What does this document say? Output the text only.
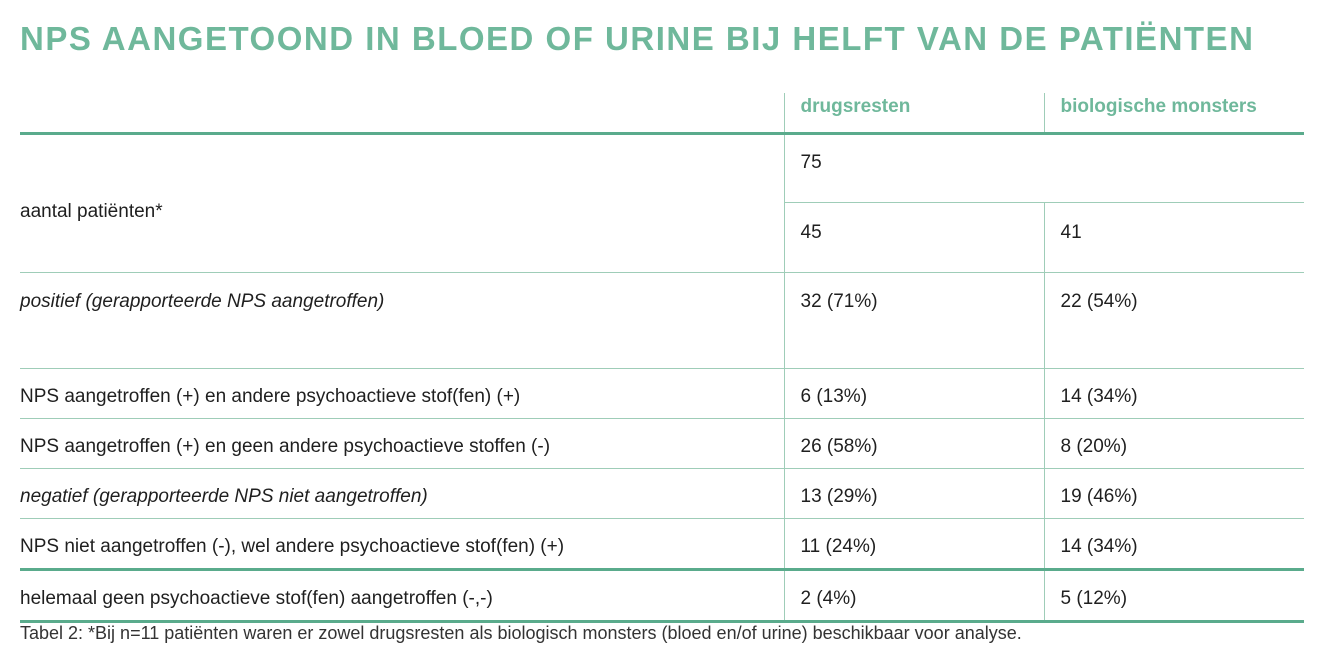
NPS AANGETOOND IN BLOED OF URINE BIJ HELFT VAN DE PATIËNTEN
	drugsresten	biologische monsters
aantal patiënten*	75	
	45	41
positief (gerapporteerde NPS aangetroffen)	32 (71%)	22 (54%)
NPS aangetroffen (+) en andere psychoactieve stof(fen) (+)	6 (13%)	14 (34%)
NPS aangetroffen (+) en geen andere psychoactieve stoffen (-)	26 (58%)	8 (20%)
negatief (gerapporteerde NPS niet aangetroffen)	13 (29%)	19 (46%)
NPS niet aangetroffen (-), wel andere psychoactieve stof(fen) (+)	11 (24%)	14 (34%)
helemaal geen psychoactieve stof(fen) aangetroffen (-,-)	2 (4%)	5 (12%)

Tabel 2: *Bij n=11 patiënten waren er zowel drugsresten als biologisch monsters (bloed en/of urine) beschikbaar voor analyse.
